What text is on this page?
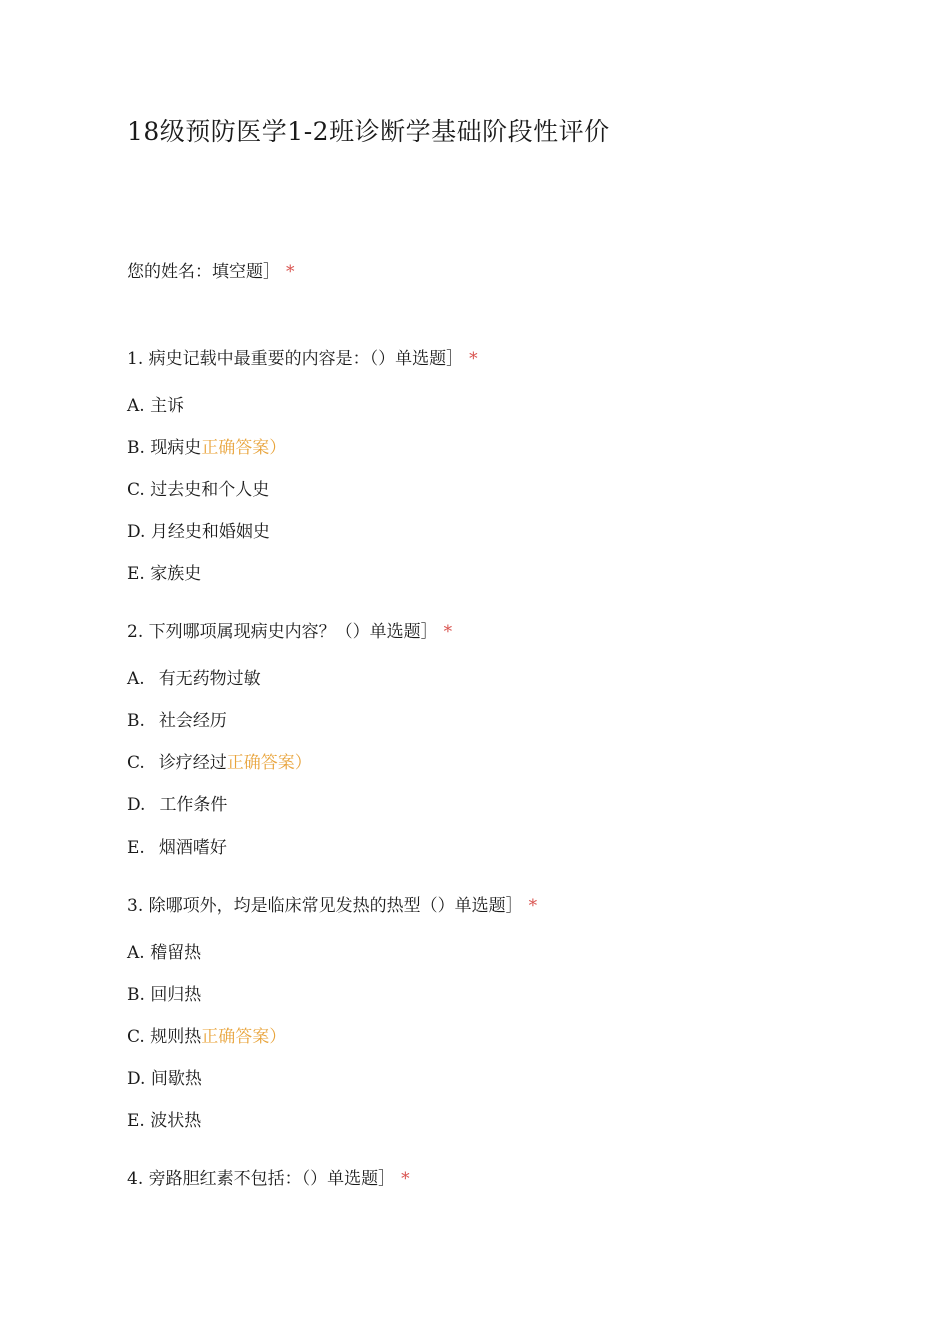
18级预防医学1-2班诊断学基础阶段性评价
您的姓名：填空题］ *
1. 病史记载中最重要的内容是：（）单选题］ *
A. 主诉
B. 现病史正确答案）
C. 过去史和个人史
D. 月经史和婚姻史
E. 家族史
2. 下列哪项属现病史内容？（）单选题］ *
A. 有无药物过敏
B. 社会经历
C. 诊疗经过正确答案）
D. 工作条件
E. 烟酒嗜好
3. 除哪项外，均是临床常见发热的热型（）单选题］ *
A. 稽留热
B. 回归热
C. 规则热正确答案）
D. 间歇热
E. 波状热
4. 旁路胆红素不包括：（）单选题］ *
